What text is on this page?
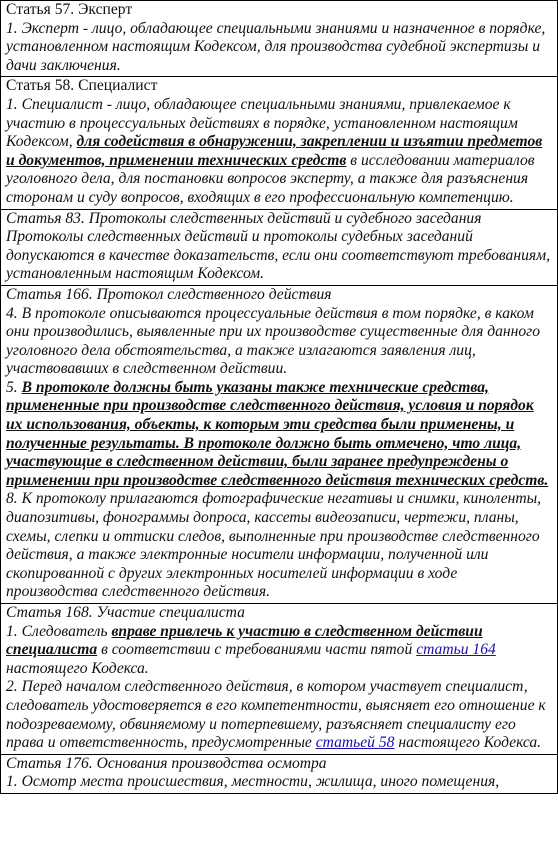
Статья 57. Эксперт

1. Эксперт - лицо, обладающее специальными знаниями и назначенное в порядке, установленном настоящим Кодексом, для производства судебной экспертизы и дачи заключения.

Статья 58. Специалист

1. Специалист - лицо, обладающее специальными знаниями, привлекаемое к участию в процессуальных действиях в порядке, установленном настоящим Кодексом, для содействия в обнаружении, закреплении и изъятии предметов и документов, применении технических средств в исследовании материалов уголовного дела, для постановки вопросов эксперту, а также для разъяснения сторонам и суду вопросов, входящих в его профессиональную компетенцию.

Статья 83. Протоколы следственных действий и судебного заседания

Протоколы следственных действий и протоколы судебных заседаний допускаются в качестве доказательств, если они соответствуют требованиям, установленным настоящим Кодексом.

Статья 166. Протокол следственного действия

4. В протоколе описываются процессуальные действия в том порядке, в каком они производились, выявленные при их производстве существенные для данного уголовного дела обстоятельства, а также излагаются заявления лиц, участвовавших в следственном действии.

5. В протоколе должны быть указаны также технические средства, примененные при производстве следственного действия, условия и порядок их использования, объекты, к которым эти средства были применены, и полученные результаты. В протоколе должно быть отмечено, что лица, участвующие в следственном действии, были заранее предупреждены о применении при производстве следственного действия технических средств.

8. К протоколу прилагаются фотографические негативы и снимки, киноленты, диапозитивы, фонограммы допроса, кассеты видеозаписи, чертежи, планы, схемы, слепки и оттиски следов, выполненные при производстве следственного действия, а также электронные носители информации, полученной или скопированной с других электронных носителей информации в ходе производства следственного действия.

Статья 168. Участие специалиста

1. Следователь вправе привлечь к участию в следственном действии специалиста в соответствии с требованиями части пятой статьи 164 настоящего Кодекса.

2. Перед началом следственного действия, в котором участвует специалист, следователь удостоверяется в его компетентности, выясняет его отношение к подозреваемому, обвиняемому и потерпевшему, разъясняет специалисту его права и ответственность, предусмотренные статьей 58 настоящего Кодекса.

Статья 176. Основания производства осмотра

1. Осмотр места происшествия, местности, жилища, иного помещения,
